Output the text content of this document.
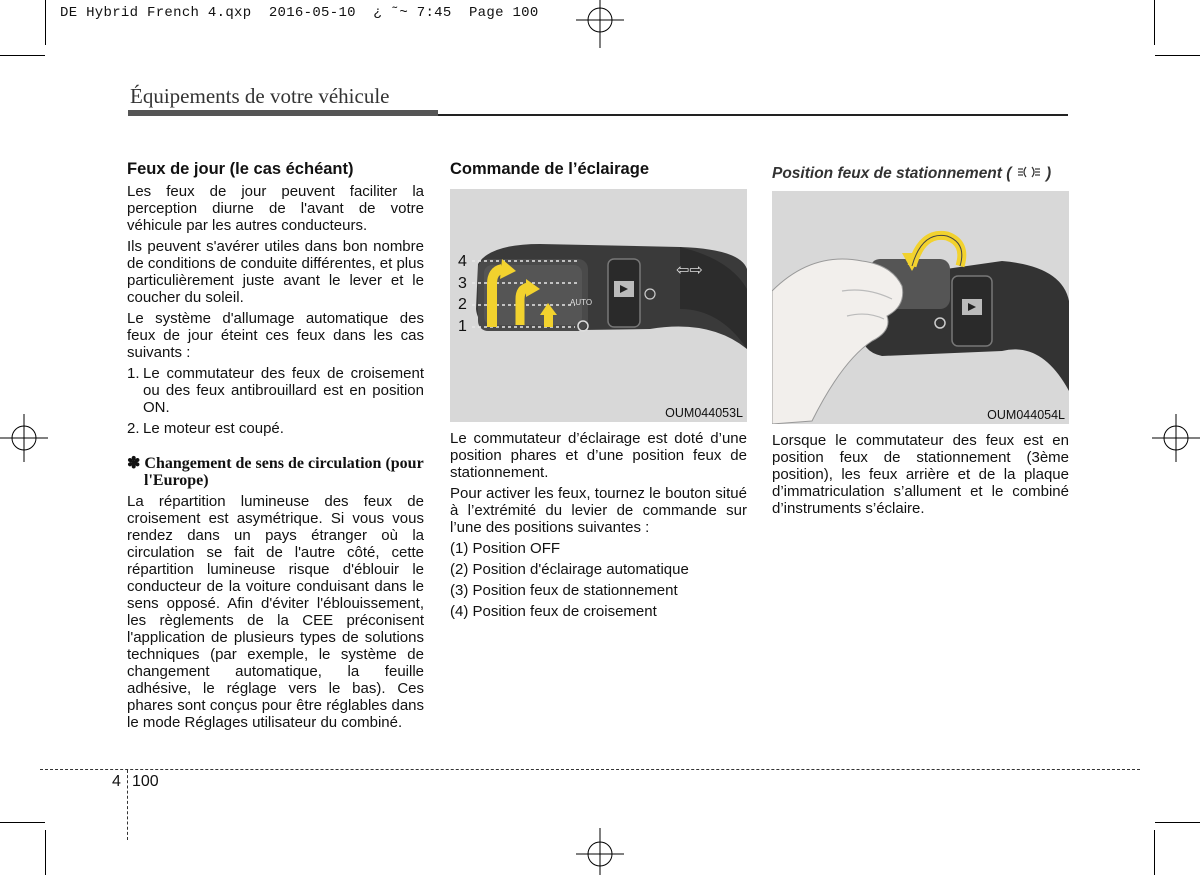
DE Hybrid French 4.qxp  2016-05-10  ¿ ˜~ 7:45  Page 100
Équipements de votre véhicule
Feux de jour (le cas échéant)

Les feux de jour peuvent faciliter la perception diurne de l'avant de votre véhicule par les autres conducteurs.

Ils peuvent s'avérer utiles dans bon nombre de conditions de conduite différentes, et plus particulièrement juste avant le lever et le coucher du soleil.

Le système d'allumage automatique des feux de jour éteint ces feux dans les cas suivants :

1. Le commutateur des feux de croisement ou des feux antibrouillard est en position ON.
2. Le moteur est coupé.
✽ Changement de sens de circulation (pour l'Europe)

La répartition lumineuse des feux de croisement est asymétrique. Si vous vous rendez dans un pays étranger où la circulation se fait de l'autre côté, cette répartition lumineuse risque d'éblouir le conducteur de la voiture conduisant dans le sens opposé. Afin d'éviter l'éblouissement, les règlements de la CEE préconisent l'application de plusieurs types de solutions techniques (par exemple, le système de changement automatique, la feuille adhésive, le réglage vers le bas). Ces phares sont conçus pour être réglables dans le mode Réglages utilisateur du combiné.

Commande de l’éclairage
AUTO
⇦⇨
4
3
2
1
OUM044053L

Le commutateur d’éclairage est doté d’une position phares et d’une position feux de stationnement.

Pour activer les feux, tournez le bouton situé à l’extrémité du levier de commande sur l’une des positions suivantes :

(1) Position OFF
(2) Position d'éclairage automatique
(3) Position feux de stationnement
(4) Position feux de croisement
Position feux de stationnement ( )
OUM044054L

Lorsque le commutateur des feux est en position feux de stationnement (3ème position), les feux arrière et de la plaque d’immatriculation s’allument et le combiné d’instruments s’éclaire.

4 100
